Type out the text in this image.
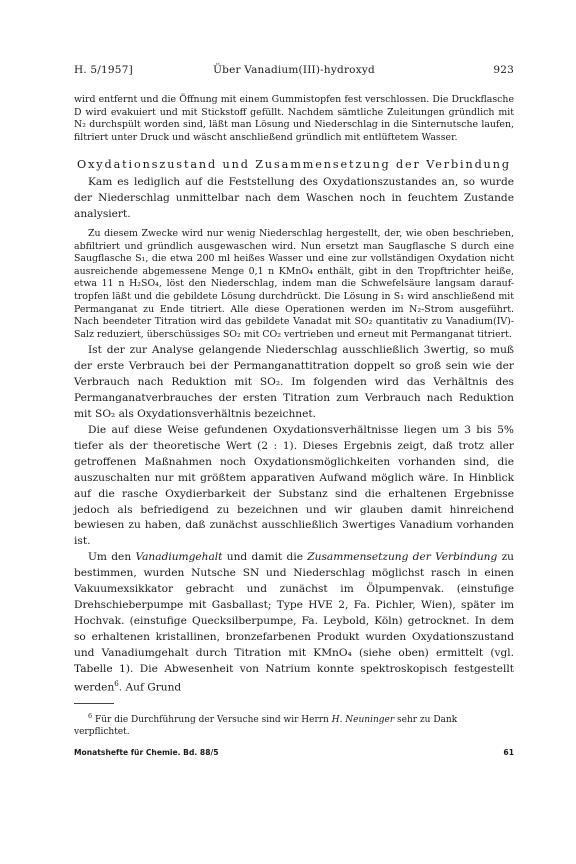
H. 5/1957]	Über Vanadium(III)-hydroxyd	923

wird entfernt und die Öffnung mit einem Gummistopfen fest verschlossen. Die Druckflasche D wird evakuiert und mit Stickstoff gefüllt. Nachdem sämtliche Zuleitungen gründlich mit N₂ durchspült worden sind, läßt man Lösung und Niederschlag in die Sinternutsche laufen, filtriert unter Druck und wäscht anschließend gründlich mit entlüftetem Wasser.

Oxydationszustand und Zusammensetzung der Verbindung

Kam es lediglich auf die Feststellung des Oxydationszustandes an, so wurde der Niederschlag unmittelbar nach dem Waschen noch in feuchtem Zustande analysiert.

Zu diesem Zwecke wird nur wenig Niederschlag hergestellt, der, wie oben beschrieben, abfiltriert und gründlich ausgewaschen wird. Nun ersetzt man Saugflasche S durch eine Saugflasche S₁, die etwa 200 ml heißes Wasser und eine zur vollständigen Oxydation nicht ausreichende abgemessene Menge 0,1 n KMnO₄ enthält, gibt in den Tropftrichter heiße, etwa 11 n H₂SO₄, löst den Niederschlag, indem man die Schwefelsäure langsam darauf-tropfen läßt und die gebildete Lösung durchdrückt. Die Lösung in S₁ wird anschließend mit Permanganat zu Ende titriert. Alle diese Operationen werden im N₂-Strom ausgeführt. Nach beendeter Titration wird das gebildete Vanadat mit SO₂ quantitativ zu Vanadium(IV)-Salz reduziert, überschüssiges SO₂ mit CO₂ vertrieben und erneut mit Permanganat titriert.

Ist der zur Analyse gelangende Niederschlag ausschließlich 3wertig, so muß der erste Verbrauch bei der Permanganattitration doppelt so groß sein wie der Verbrauch nach Reduktion mit SO₂. Im folgenden wird das Verhältnis des Permanganatverbrauches der ersten Titration zum Verbrauch nach Reduktion mit SO₂ als Oxydationsverhältnis bezeichnet.

Die auf diese Weise gefundenen Oxydationsverhältnisse liegen um 3 bis 5% tiefer als der theoretische Wert (2 : 1). Dieses Ergebnis zeigt, daß trotz aller getroffenen Maßnahmen noch Oxydationsmöglichkeiten vorhanden sind, die auszuschalten nur mit größtem apparativen Aufwand möglich wäre. In Hinblick auf die rasche Oxydierbarkeit der Substanz sind die erhaltenen Ergebnisse jedoch als befriedigend zu bezeichnen und wir glauben damit hinreichend bewiesen zu haben, daß zunächst ausschließlich 3wertiges Vanadium vorhanden ist.

Um den Vanadiumgehalt und damit die Zusammensetzung der Verbindung zu bestimmen, wurden Nutsche SN und Niederschlag möglichst rasch in einen Vakuumexsikkator gebracht und zunächst im Ölpumpenvak. (einstufige Drehschieberpumpe mit Gasballast; Type HVE 2, Fa. Pichler, Wien), später im Hochvak. (einstufige Quecksilberpumpe, Fa. Leybold, Köln) getrocknet. In dem so erhaltenen kristallinen, bronzefarbenen Produkt wurden Oxydationszustand und Vanadiumgehalt durch Titration mit KMnO₄ (siehe oben) ermittelt (vgl. Tabelle 1). Die Abwesenheit von Natrium konnte spektroskopisch festgestellt werden$^6$. Auf Grund

$^6$ Für die Durchführung der Versuche sind wir Herrn H. Neuninger sehr zu Dank verpflichtet.

Monatshefte für Chemie. Bd. 88/5	61
